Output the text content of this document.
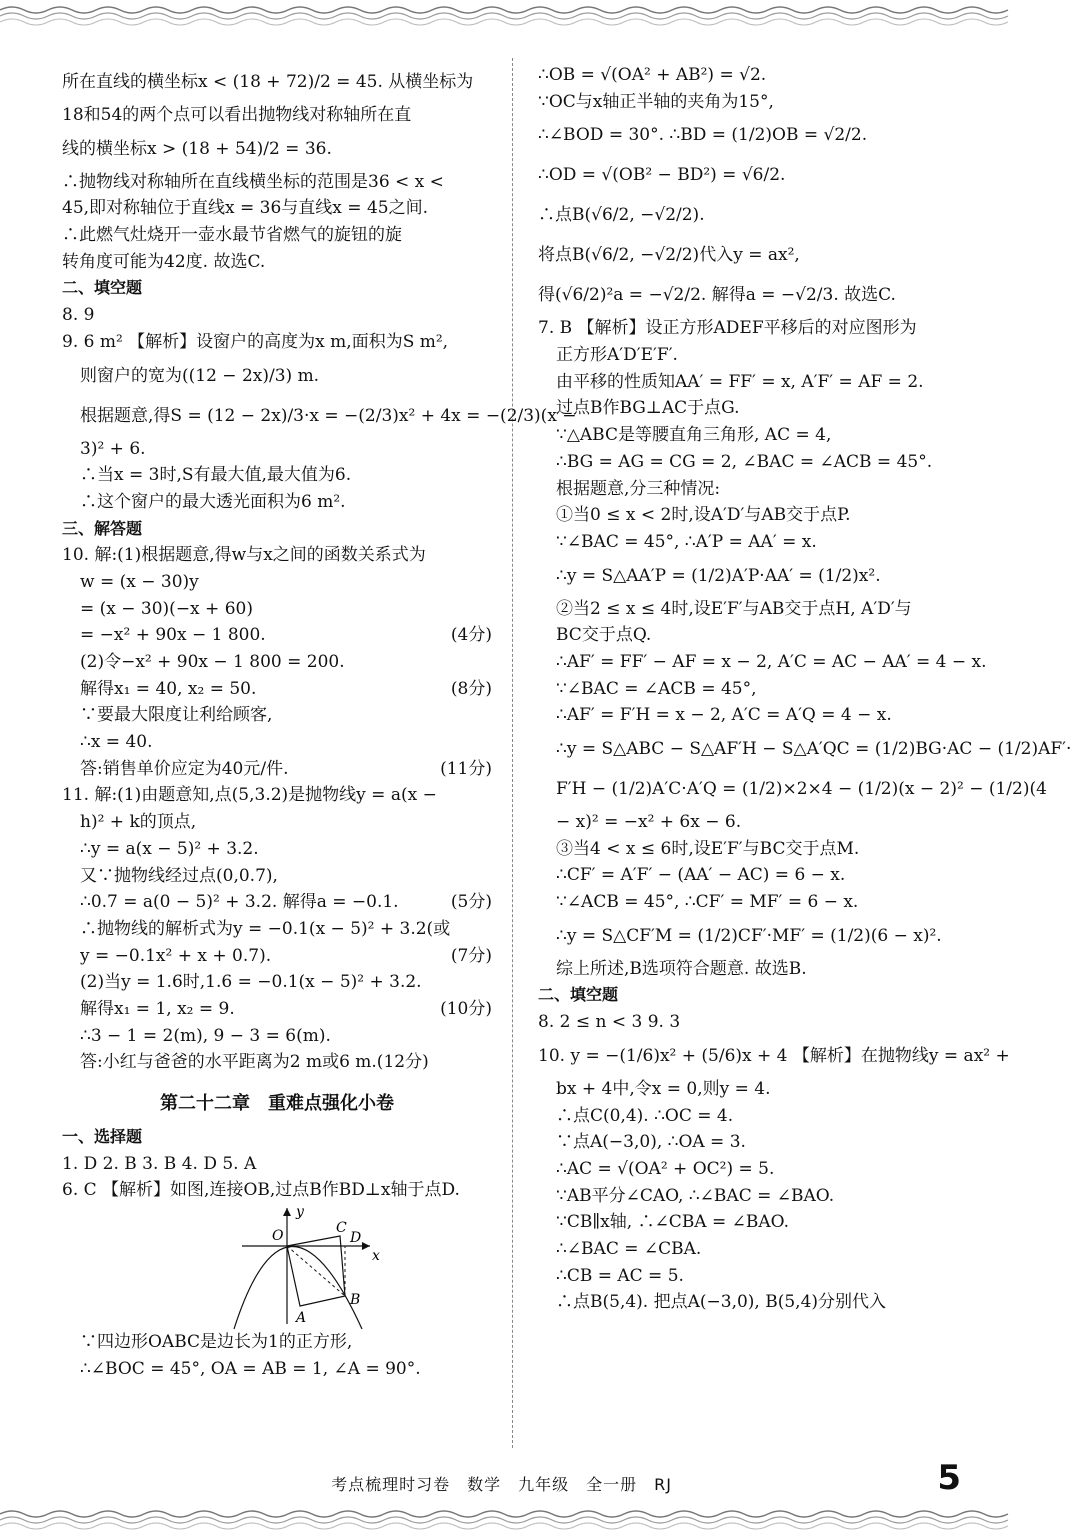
所在直线的横坐标x < (18 + 72)/2 = 45. 从横坐标为
18和54的两个点可以看出抛物线对称轴所在直
线的横坐标x > (18 + 54)/2 = 36.
∴抛物线对称轴所在直线横坐标的范围是36 < x <
45,即对称轴位于直线x = 36与直线x = 45之间.
∴此燃气灶烧开一壶水最节省燃气的旋钮的旋
转角度可能为42度. 故选C.
二、填空题
8. 9
9. 6 m² 【解析】设窗户的高度为x m,面积为S m²,
则窗户的宽为((12 − 2x)/3) m.
根据题意,得S = (12 − 2x)/3·x = −(2/3)x² + 4x = −(2/3)(x −
3)² + 6.
∴当x = 3时,S有最大值,最大值为6.
∴这个窗户的最大透光面积为6 m².
三、解答题
10. 解:(1)根据题意,得w与x之间的函数关系式为
w = (x − 30)y
= (x − 30)(−x + 60)
= −x² + 90x − 1 800.	(4分)
(2)令−x² + 90x − 1 800 = 200.
解得x₁ = 40, x₂ = 50.	(8分)
∵要最大限度让利给顾客,
∴x = 40.
答:销售单价应定为40元/件.	(11分)
11. 解:(1)由题意知,点(5,3.2)是抛物线y = a(x −
h)² + k的顶点,
∴y = a(x − 5)² + 3.2.
又∵抛物线经过点(0,0.7),
∴0.7 = a(0 − 5)² + 3.2. 解得a = −0.1.	(5分)
∴抛物线的解析式为y = −0.1(x − 5)² + 3.2(或
y = −0.1x² + x + 0.7).	(7分)
(2)当y = 1.6时,1.6 = −0.1(x − 5)² + 3.2.
解得x₁ = 1, x₂ = 9.	(10分)
∴3 − 1 = 2(m), 9 − 3 = 6(m).
答:小红与爸爸的水平距离为2 m或6 m.(12分)
第二十二章　重难点强化小卷
一、选择题
1. D 2. B 3. B 4. D 5. A
6. C 【解析】如图,连接OB,过点B作BD⊥x轴于点D.
y
x
O	C
D
B
A
∵四边形OABC是边长为1的正方形,
∴∠BOC = 45°, OA = AB = 1, ∠A = 90°.
∴OB = √(OA² + AB²) = √2.
∵OC与x轴正半轴的夹角为15°,
∴∠BOD = 30°. ∴BD = (1/2)OB = √2/2.
∴OD = √(OB² − BD²) = √6/2.
∴点B(√6/2, −√2/2).
将点B(√6/2, −√2/2)代入y = ax²,
得(√6/2)²a = −√2/2. 解得a = −√2/3. 故选C.
7. B 【解析】设正方形ADEF平移后的对应图形为
正方形A′D′E′F′.
由平移的性质知AA′ = FF′ = x, A′F′ = AF = 2.
过点B作BG⊥AC于点G.
∵△ABC是等腰直角三角形, AC = 4,
∴BG = AG = CG = 2, ∠BAC = ∠ACB = 45°.
根据题意,分三种情况:
①当0 ≤ x < 2时,设A′D′与AB交于点P.
∵∠BAC = 45°, ∴A′P = AA′ = x.
∴y = S△AA′P = (1/2)A′P·AA′ = (1/2)x².
②当2 ≤ x ≤ 4时,设E′F′与AB交于点H, A′D′与
BC交于点Q.
∴AF′ = FF′ − AF = x − 2, A′C = AC − AA′ = 4 − x.
∵∠BAC = ∠ACB = 45°,
∴AF′ = F′H = x − 2, A′C = A′Q = 4 − x.
∴y = S△ABC − S△AF′H − S△A′QC = (1/2)BG·AC − (1/2)AF′·
F′H − (1/2)A′C·A′Q = (1/2)×2×4 − (1/2)(x − 2)² − (1/2)(4
− x)² = −x² + 6x − 6.
③当4 < x ≤ 6时,设E′F′与BC交于点M.
∴CF′ = A′F′ − (AA′ − AC) = 6 − x.
∵∠ACB = 45°, ∴CF′ = MF′ = 6 − x.
∴y = S△CF′M = (1/2)CF′·MF′ = (1/2)(6 − x)².
综上所述,B选项符合题意. 故选B.
二、填空题
8. 2 ≤ n < 3 9. 3
10. y = −(1/6)x² + (5/6)x + 4 【解析】在抛物线y = ax² +
bx + 4中,令x = 0,则y = 4.
∴点C(0,4). ∴OC = 4.
∵点A(−3,0), ∴OA = 3.
∴AC = √(OA² + OC²) = 5.
∵AB平分∠CAO, ∴∠BAC = ∠BAO.
∵CB∥x轴, ∴∠CBA = ∠BAO.
∴∠BAC = ∠CBA.
∴CB = AC = 5.
∴点B(5,4). 把点A(−3,0), B(5,4)分别代入
考点梳理时习卷　数学　九年级　全一册　RJ	5
